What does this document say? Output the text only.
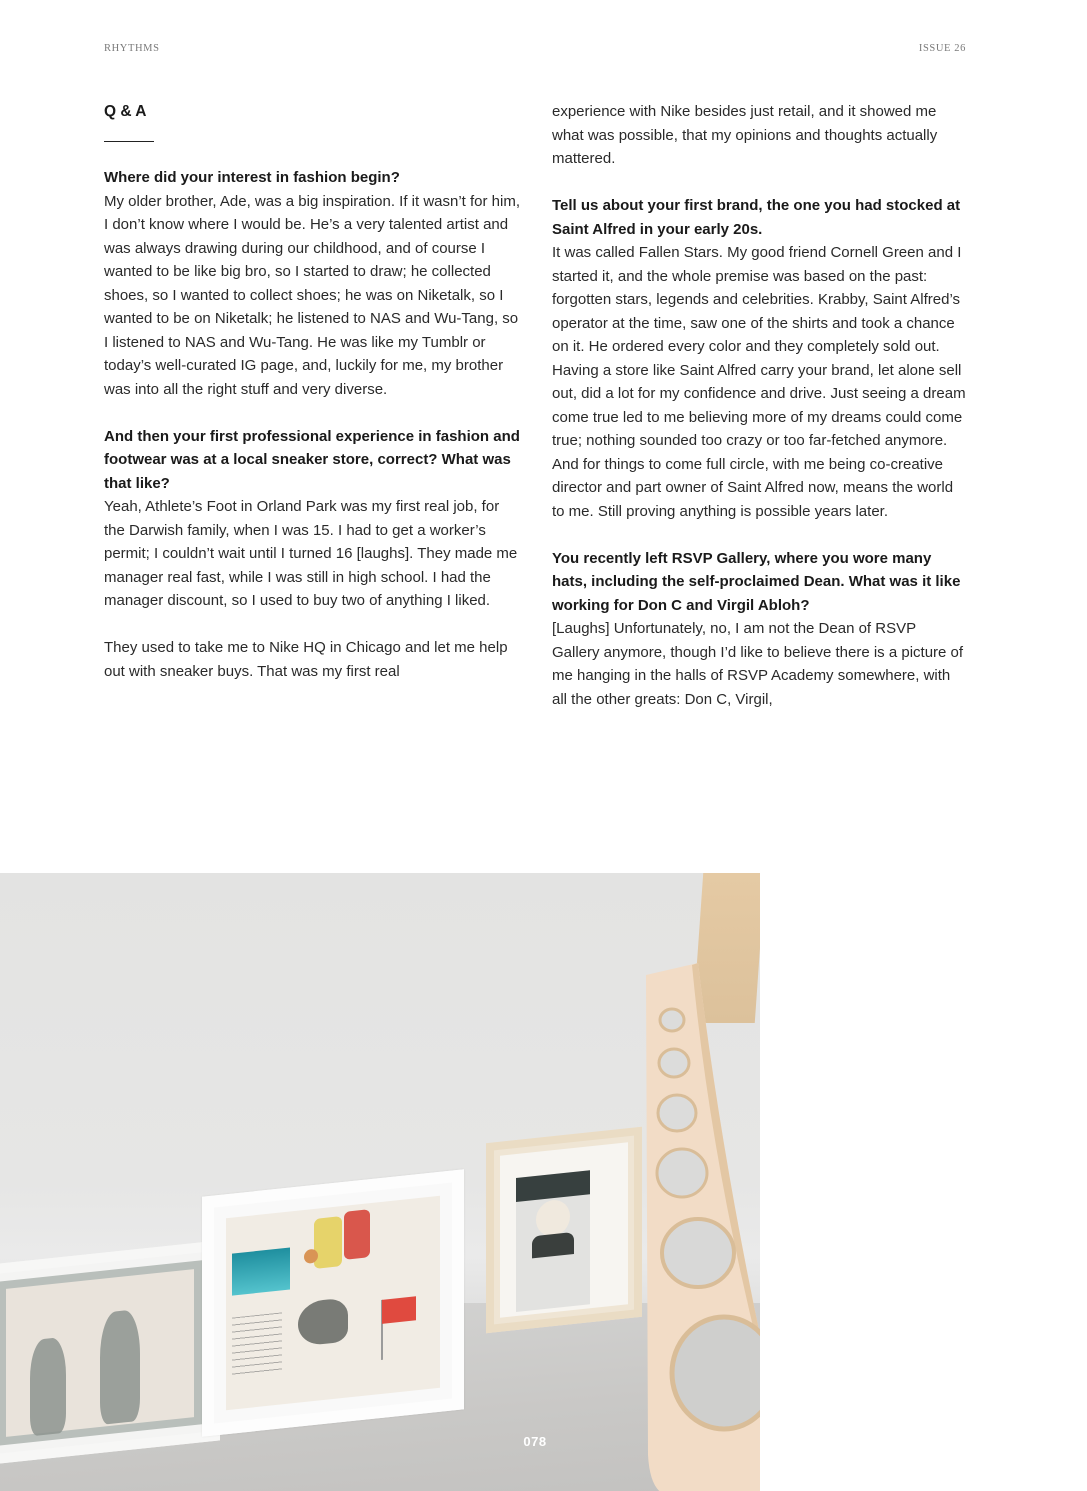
RHYTHMS	ISSUE 26

Q & A

Where did your interest in fashion begin?

My older brother, Ade, was a big inspiration. If it wasn’t for him, I don’t know where I would be. He’s a very talented artist and was always drawing during our childhood, and of course I wanted to be like big bro, so I started to draw; he collected shoes, so I wanted to collect shoes; he was on Niketalk, so I wanted to be on Niketalk; he listened to NAS and Wu-Tang, so I listened to NAS and Wu-Tang. He was like my Tumblr or today’s well-curated IG page, and, luckily for me, my brother was into all the right stuff and very diverse.

And then your first professional experience in fashion and footwear was at a local sneaker store, correct? What was that like?

Yeah, Athlete’s Foot in Orland Park was my first real job, for the Darwish family, when I was 15. I had to get a worker’s permit; I couldn’t wait until I turned 16 [laughs]. They made me manager real fast, while I was still in high school. I had the manager discount, so I used to buy two of anything I liked.

They used to take me to Nike HQ in Chicago and let me help out with sneaker buys. That was my first real

experience with Nike besides just retail, and it showed me what was possible, that my opinions and thoughts actually mattered.

Tell us about your first brand, the one you had stocked at Saint Alfred in your early 20s.

It was called Fallen Stars. My good friend Cornell Green and I started it, and the whole premise was based on the past: forgotten stars, legends and celebrities. Krabby, Saint Alfred’s operator at the time, saw one of the shirts and took a chance on it. He ordered every color and they completely sold out. Having a store like Saint Alfred carry your brand, let alone sell out, did a lot for my confidence and drive. Just seeing a dream come true led to me believing more of my dreams could come true; nothing sounded too crazy or too far-fetched anymore. And for things to come full circle, with me being co-creative director and part owner of Saint Alfred now, means the world to me. Still proving anything is possible years later.

You recently left RSVP Gallery, where you wore many hats, including the self-proclaimed Dean. What was it like working for Don C and Virgil Abloh?

[Laughs] Unfortunately, no, I am not the Dean of RSVP Gallery anymore, though I’d like to believe there is a picture of me hanging in the halls of RSVP Academy somewhere, with all the other greats: Don C, Virgil,

078
